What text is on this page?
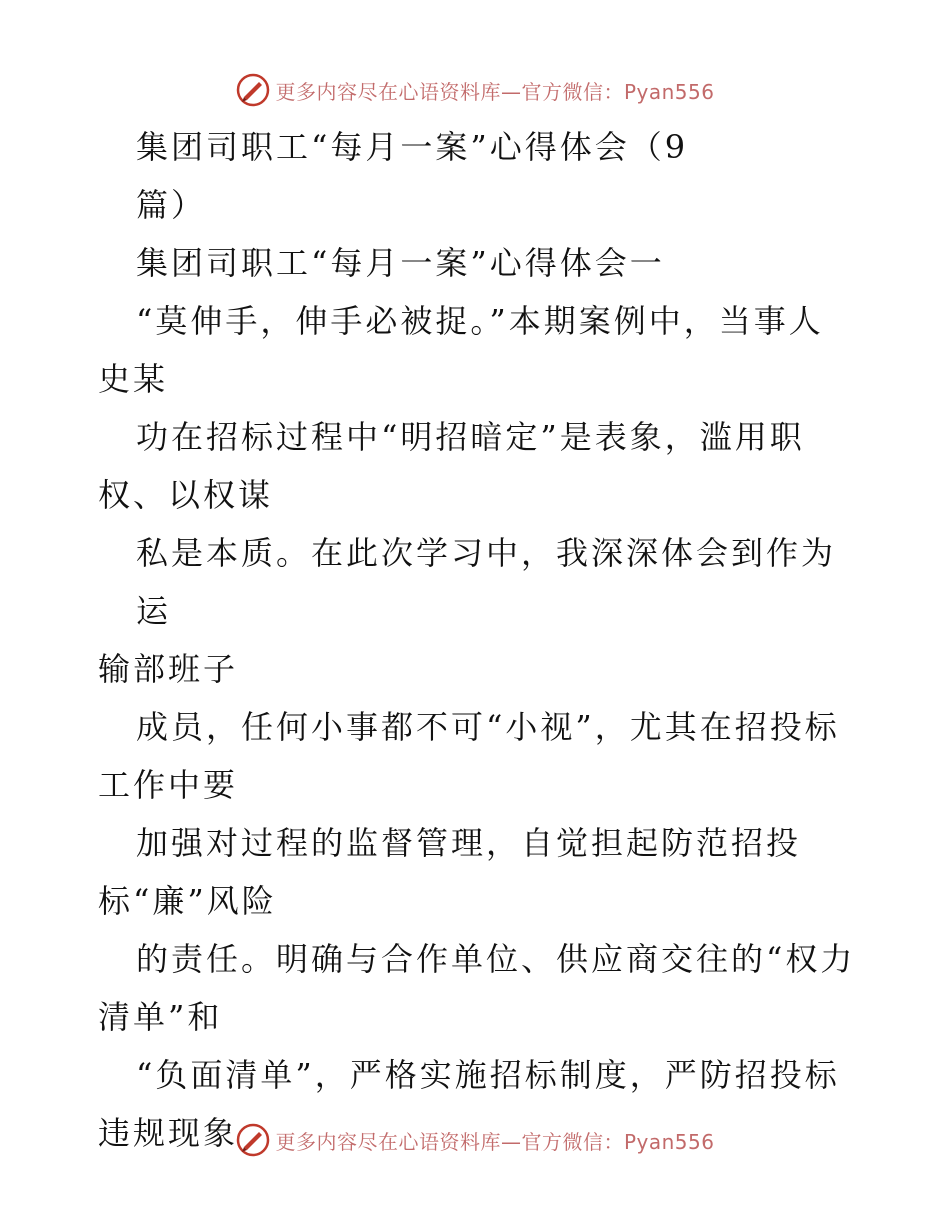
更多内容尽在心语资料库—官方微信：Pyan556

集团司职工“每月一案”心得体会（9

篇）

集团司职工“每月一案”心得体会一

“莫伸手，伸手必被捉。”本期案例中，当事人

史某

功在招标过程中“明招暗定”是表象，滥用职

权、以权谋

私是本质。在此次学习中，我深深体会到作为运

输部班子

成员，任何小事都不可“小视”，尤其在招投标

工作中要

加强对过程的监督管理，自觉担起防范招投

标“廉”风险

的责任。明确与合作单位、供应商交往的“权力

清单”和

“负面清单”，严格实施招标制度，严防招投标

违规现象	更多内容尽在心语资料库—官方微信：Pyan556
